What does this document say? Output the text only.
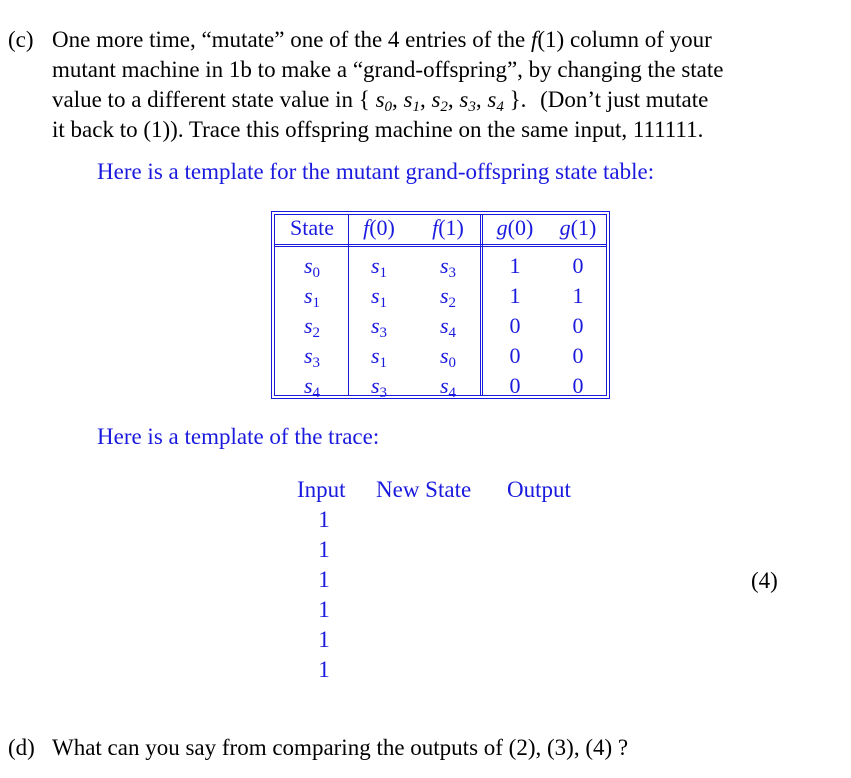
(c) One more time, “mutate” one of the 4 entries of the f(1) column of your
mutant machine in 1b to make a “grand-offspring”, by changing the state
value to a different state value in { $s_0$, $s_1$, $s_2$, $s_3$, $s_4$ }. (Don’t just mutate
it back to (1)). Trace this offspring machine on the same input, 111111.
Here is a template for the mutant grand-offspring state table:
State	f(0)	f(1)	g(0)	g(1)
$s_0$	$s_1$	$s_3$	1	0
$s_1$	$s_1$	$s_2$	1	1
$s_2$	$s_3$	$s_4$	0	0
$s_3$	$s_1$	$s_0$	0	0
$s_4$	$s_3$	$s_4$	0	0
Here is a template of the trace:
Input New State Output
1
1
1
1
1
1
(4)
(d) What can you say from comparing the outputs of (2), (3), (4) ?
